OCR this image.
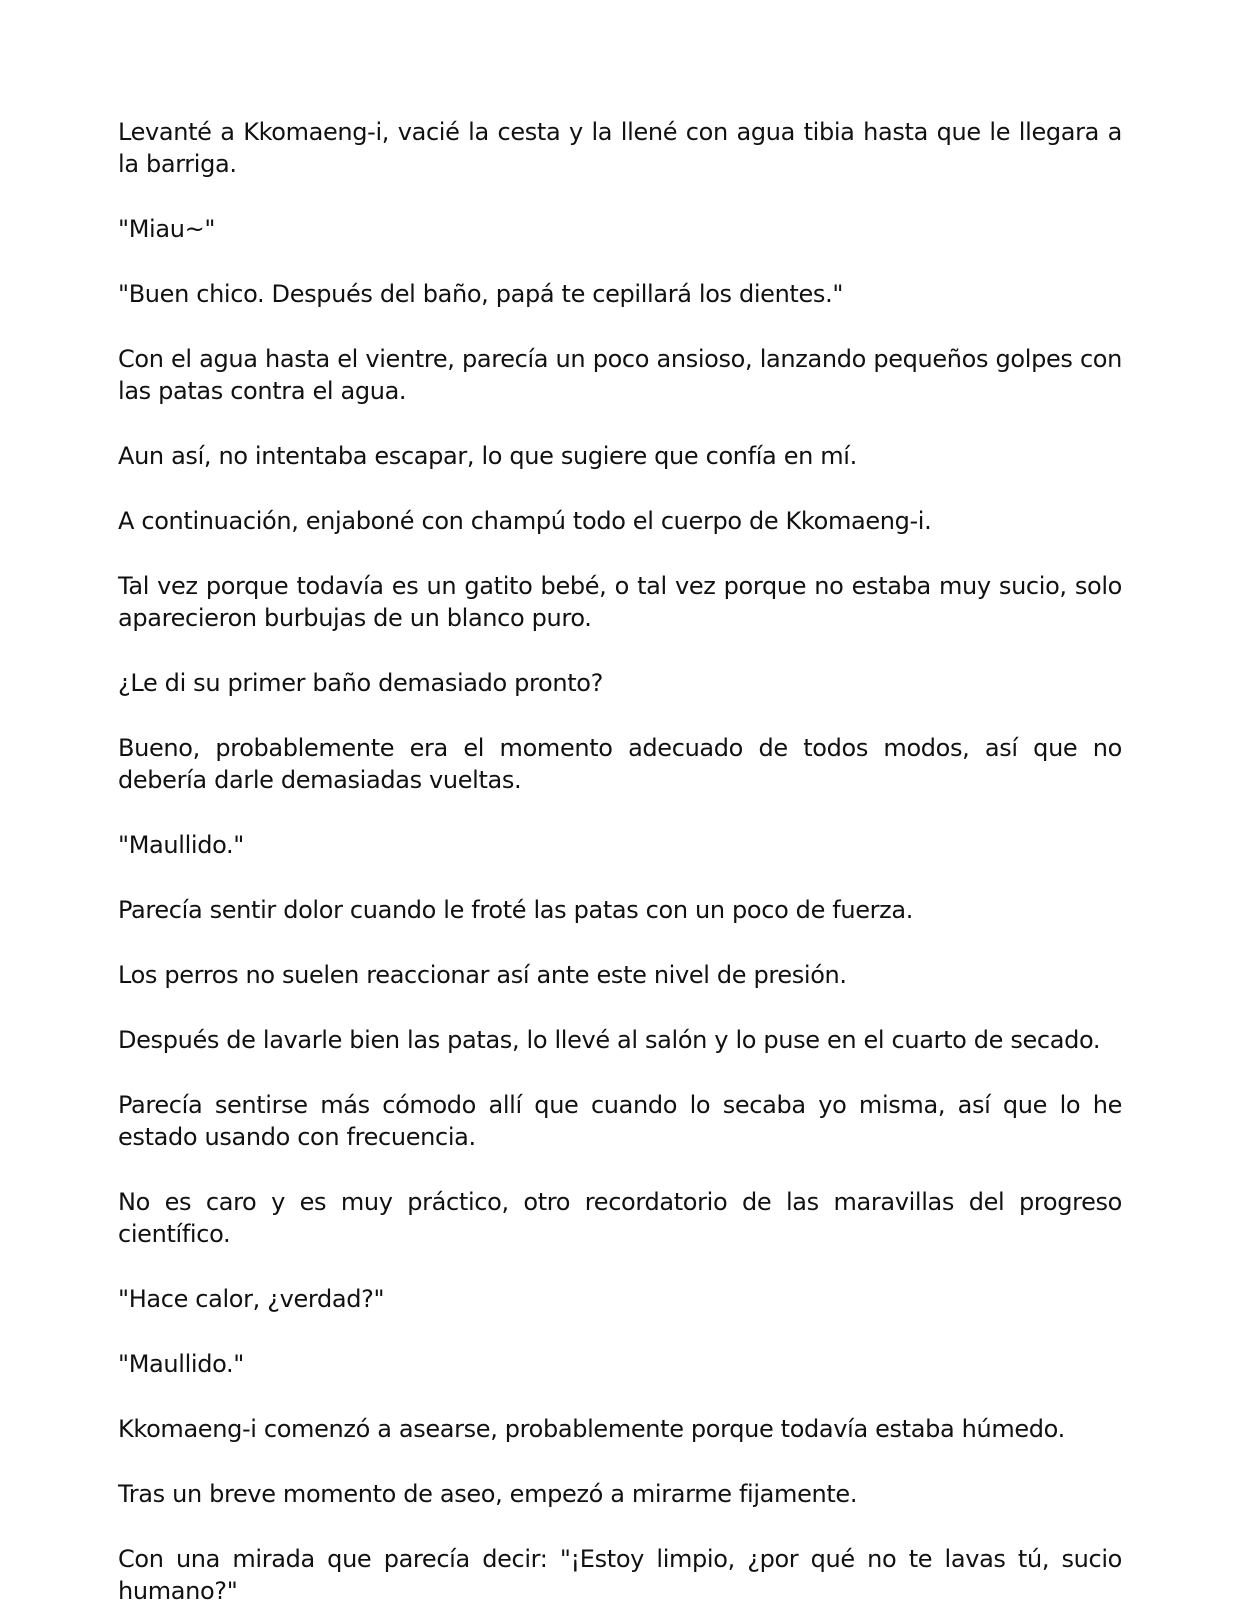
Levanté a Kkomaeng-i, vacié la cesta y la llené con agua tibia hasta que le llegara a la barriga.

"Miau~"

"Buen chico. Después del baño, papá te cepillará los dientes."

Con el agua hasta el vientre, parecía un poco ansioso, lanzando pequeños golpes con las patas contra el agua.

Aun así, no intentaba escapar, lo que sugiere que confía en mí.

A continuación, enjaboné con champú todo el cuerpo de Kkomaeng-i.

Tal vez porque todavía es un gatito bebé, o tal vez porque no estaba muy sucio, solo aparecieron burbujas de un blanco puro.

¿Le di su primer baño demasiado pronto?

Bueno, probablemente era el momento adecuado de todos modos, así que no debería darle demasiadas vueltas.

"Maullido."

Parecía sentir dolor cuando le froté las patas con un poco de fuerza.

Los perros no suelen reaccionar así ante este nivel de presión.

Después de lavarle bien las patas, lo llevé al salón y lo puse en el cuarto de secado.

Parecía sentirse más cómodo allí que cuando lo secaba yo misma, así que lo he estado usando con frecuencia.

No es caro y es muy práctico, otro recordatorio de las maravillas del progreso científico.

"Hace calor, ¿verdad?"

"Maullido."

Kkomaeng-i comenzó a asearse, probablemente porque todavía estaba húmedo.

Tras un breve momento de aseo, empezó a mirarme fijamente.

Con una mirada que parecía decir: "¡Estoy limpio, ¿por qué no te lavas tú, sucio humano?"
